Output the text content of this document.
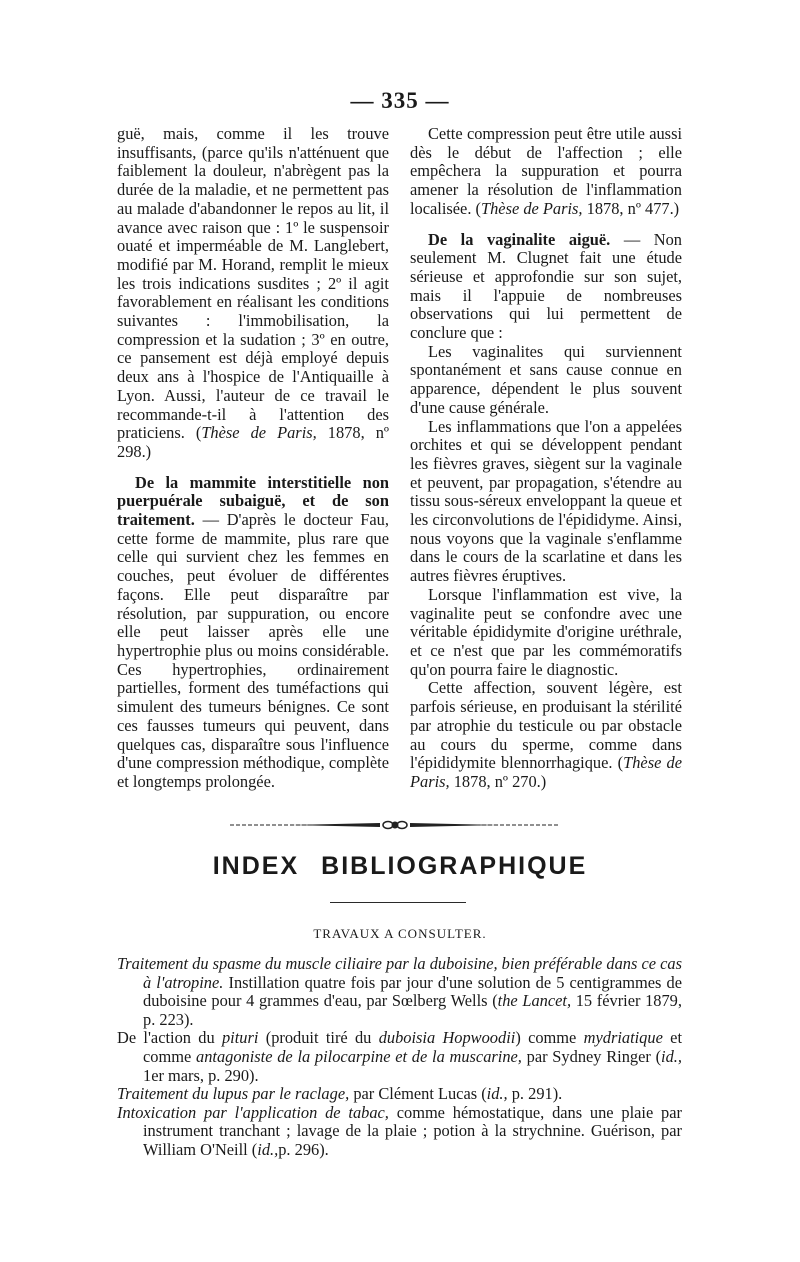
— 335 —

guë, mais, comme il les trouve insuffisants, (parce qu'ils n'atténuent que faiblement la douleur, n'abrègent pas la durée de la maladie, et ne permettent pas au malade d'abandonner le repos au lit, il avance avec raison que : 1º le suspensoir ouaté et imperméable de M. Langlebert, modifié par M. Horand, remplit le mieux les trois indications susdites ; 2º il agit favorablement en réalisant les conditions suivantes : l'immobilisation, la compression et la sudation ; 3º en outre, ce pansement est déjà employé depuis deux ans à l'hospice de l'Antiquaille à Lyon. Aussi, l'auteur de ce travail le recommande-t-il à l'attention des praticiens. (Thèse de Paris, 1878, nº 298.)

De la mammite interstitielle non puerpuérale subaiguë, et de son traitement. — D'après le docteur Fau, cette forme de mammite, plus rare que celle qui survient chez les femmes en couches, peut évoluer de différentes façons. Elle peut disparaître par résolution, par suppuration, ou encore elle peut laisser après elle une hypertrophie plus ou moins considérable. Ces hypertrophies, ordinairement partielles, forment des tuméfactions qui simulent des tumeurs bénignes. Ce sont ces fausses tumeurs qui peuvent, dans quelques cas, disparaître sous l'influence d'une compression méthodique, complète et longtemps prolongée.

Cette compression peut être utile aussi dès le début de l'affection ; elle empêchera la suppuration et pourra amener la résolution de l'inflammation localisée. (Thèse de Paris, 1878, nº 477.)

De la vaginalite aiguë. — Non seulement M. Clugnet fait une étude sérieuse et approfondie sur son sujet, mais il l'appuie de nombreuses observations qui lui permettent de conclure que :

Les vaginalites qui surviennent spontanément et sans cause connue en apparence, dépendent le plus souvent d'une cause générale.

Les inflammations que l'on a appelées orchites et qui se développent pendant les fièvres graves, siègent sur la vaginale et peuvent, par propagation, s'étendre au tissu sous-séreux enveloppant la queue et les circonvolutions de l'épididyme. Ainsi, nous voyons que la vaginale s'enflamme dans le cours de la scarlatine et dans les autres fièvres éruptives.

Lorsque l'inflammation est vive, la vaginalite peut se confondre avec une véritable épididymite d'origine uréthrale, et ce n'est que par les commémoratifs qu'on pourra faire le diagnostic.

Cette affection, souvent légère, est parfois sérieuse, en produisant la stérilité par atrophie du testicule ou par obstacle au cours du sperme, comme dans l'épididymite blennorrhagique. (Thèse de Paris, 1878, nº 270.)

INDEX BIBLIOGRAPHIQUE
TRAVAUX A CONSULTER.

Traitement du spasme du muscle ciliaire par la duboisine, bien préférable dans ce cas à l'atropine. Instillation quatre fois par jour d'une solution de 5 centigrammes de duboisine pour 4 grammes d'eau, par Sœlberg Wells (the Lancet, 15 février 1879, p. 223).

De l'action du pituri (produit tiré du duboisia Hopwoodii) comme mydriatique et comme antagoniste de la pilocarpine et de la muscarine, par Sydney Ringer (id., 1er mars, p. 290).

Traitement du lupus par le raclage, par Clément Lucas (id., p. 291).

Intoxication par l'application de tabac, comme hémostatique, dans une plaie par instrument tranchant ; lavage de la plaie ; potion à la strychnine. Guérison, par William O'Neill (id.,p. 296).
